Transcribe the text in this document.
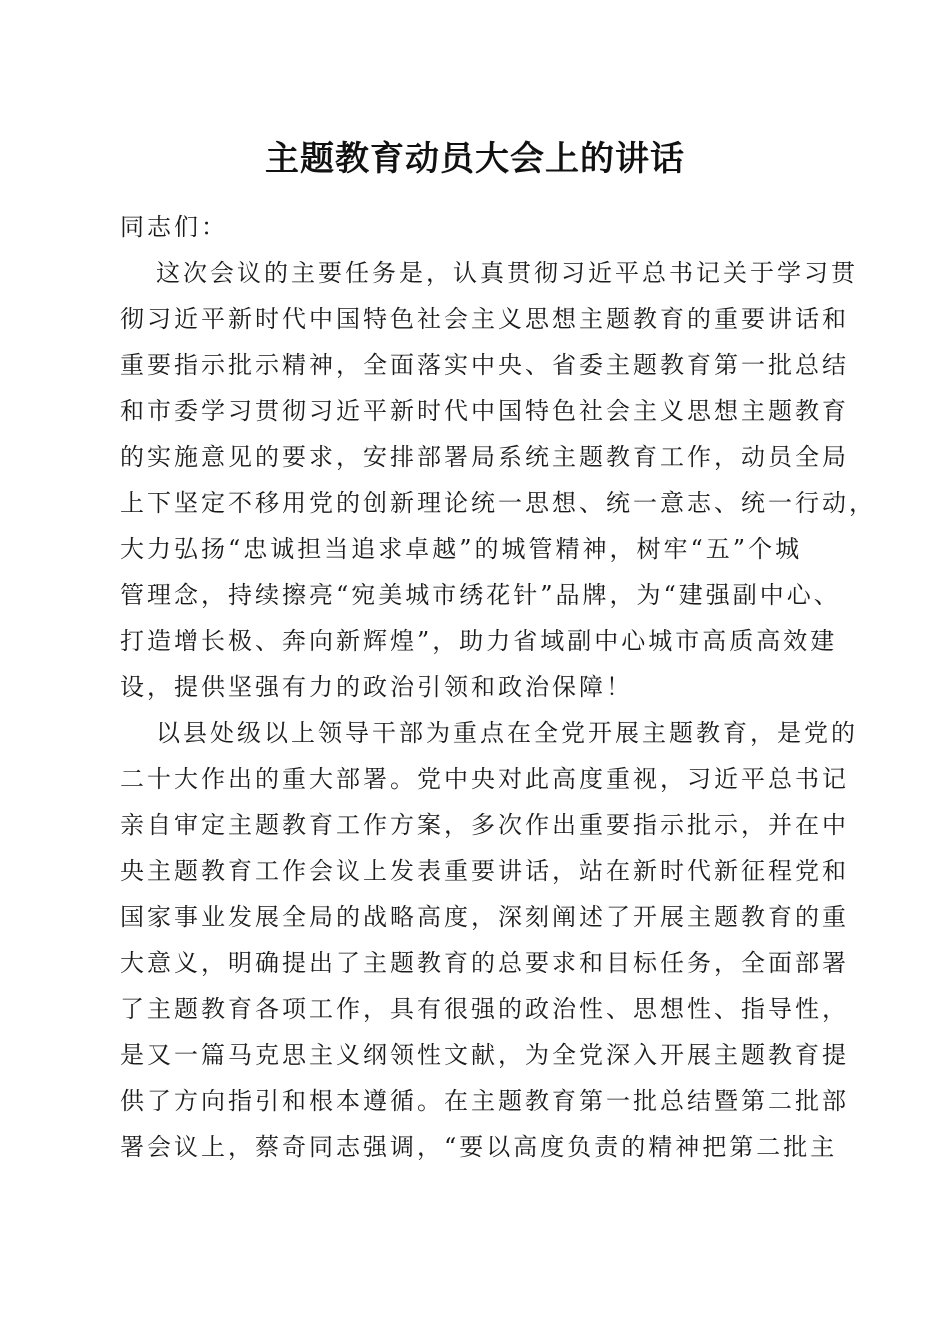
主题教育动员大会上的讲话

同志们：

这次会议的主要任务是，认真贯彻习近平总书记关于学习贯
彻习近平新时代中国特色社会主义思想主题教育的重要讲话和
重要指示批示精神，全面落实中央、省委主题教育第一批总结
和市委学习贯彻习近平新时代中国特色社会主义思想主题教育
的实施意见的要求，安排部署局系统主题教育工作，动员全局
上下坚定不移用党的创新理论统一思想、统一意志、统一行动，
大力弘扬“忠诚担当追求卓越”的城管精神，树牢“五”个城
管理念，持续擦亮“宛美城市绣花针”品牌，为“建强副中心、
打造增长极、奔向新辉煌”，助力省域副中心城市高质高效建
设，提供坚强有力的政治引领和政治保障！
以县处级以上领导干部为重点在全党开展主题教育，是党的
二十大作出的重大部署。党中央对此高度重视，习近平总书记
亲自审定主题教育工作方案，多次作出重要指示批示，并在中
央主题教育工作会议上发表重要讲话，站在新时代新征程党和
国家事业发展全局的战略高度，深刻阐述了开展主题教育的重
大意义，明确提出了主题教育的总要求和目标任务，全面部署
了主题教育各项工作，具有很强的政治性、思想性、指导性，
是又一篇马克思主义纲领性文献，为全党深入开展主题教育提
供了方向指引和根本遵循。在主题教育第一批总结暨第二批部
署会议上，蔡奇同志强调，“要以高度负责的精神把第二批主
